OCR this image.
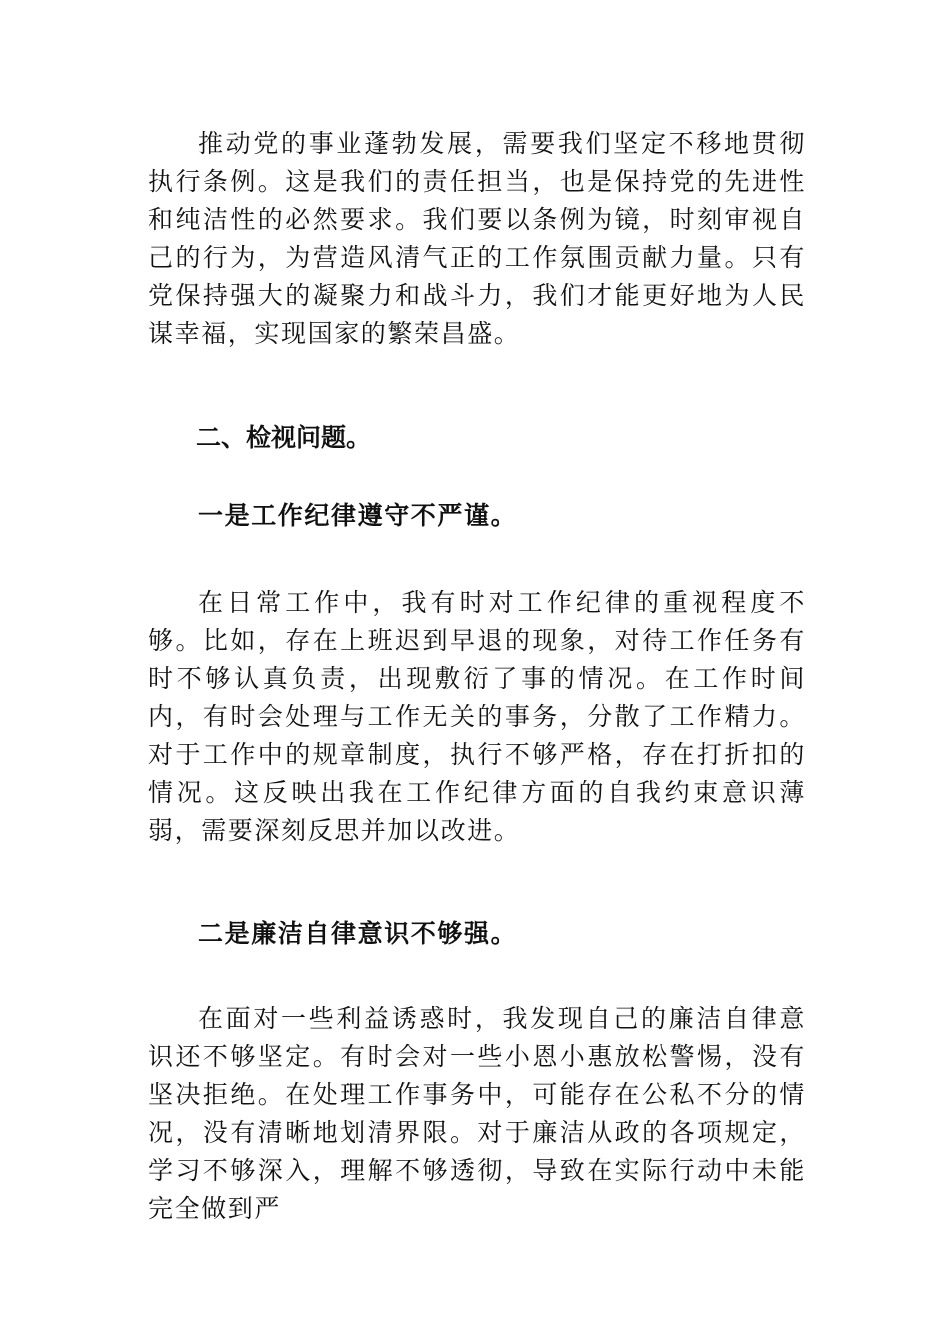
推动党的事业蓬勃发展，需要我们坚定不移地贯彻执行条例。这是我们的责任担当，也是保持党的先进性和纯洁性的必然要求。我们要以条例为镜，时刻审视自己的行为，为营造风清气正的工作氛围贡献力量。只有党保持强大的凝聚力和战斗力，我们才能更好地为人民谋幸福，实现国家的繁荣昌盛。

二、检视问题。
一是工作纪律遵守不严谨。

在日常工作中，我有时对工作纪律的重视程度不够。比如，存在上班迟到早退的现象，对待工作任务有时不够认真负责，出现敷衍了事的情况。在工作时间内，有时会处理与工作无关的事务，分散了工作精力。对于工作中的规章制度，执行不够严格，存在打折扣的情况。这反映出我在工作纪律方面的自我约束意识薄弱，需要深刻反思并加以改进。

二是廉洁自律意识不够强。

在面对一些利益诱惑时，我发现自己的廉洁自律意识还不够坚定。有时会对一些小恩小惠放松警惕，没有坚决拒绝。在处理工作事务中，可能存在公私不分的情况，没有清晰地划清界限。对于廉洁从政的各项规定，学习不够深入，理解不够透彻，导致在实际行动中未能完全做到严
